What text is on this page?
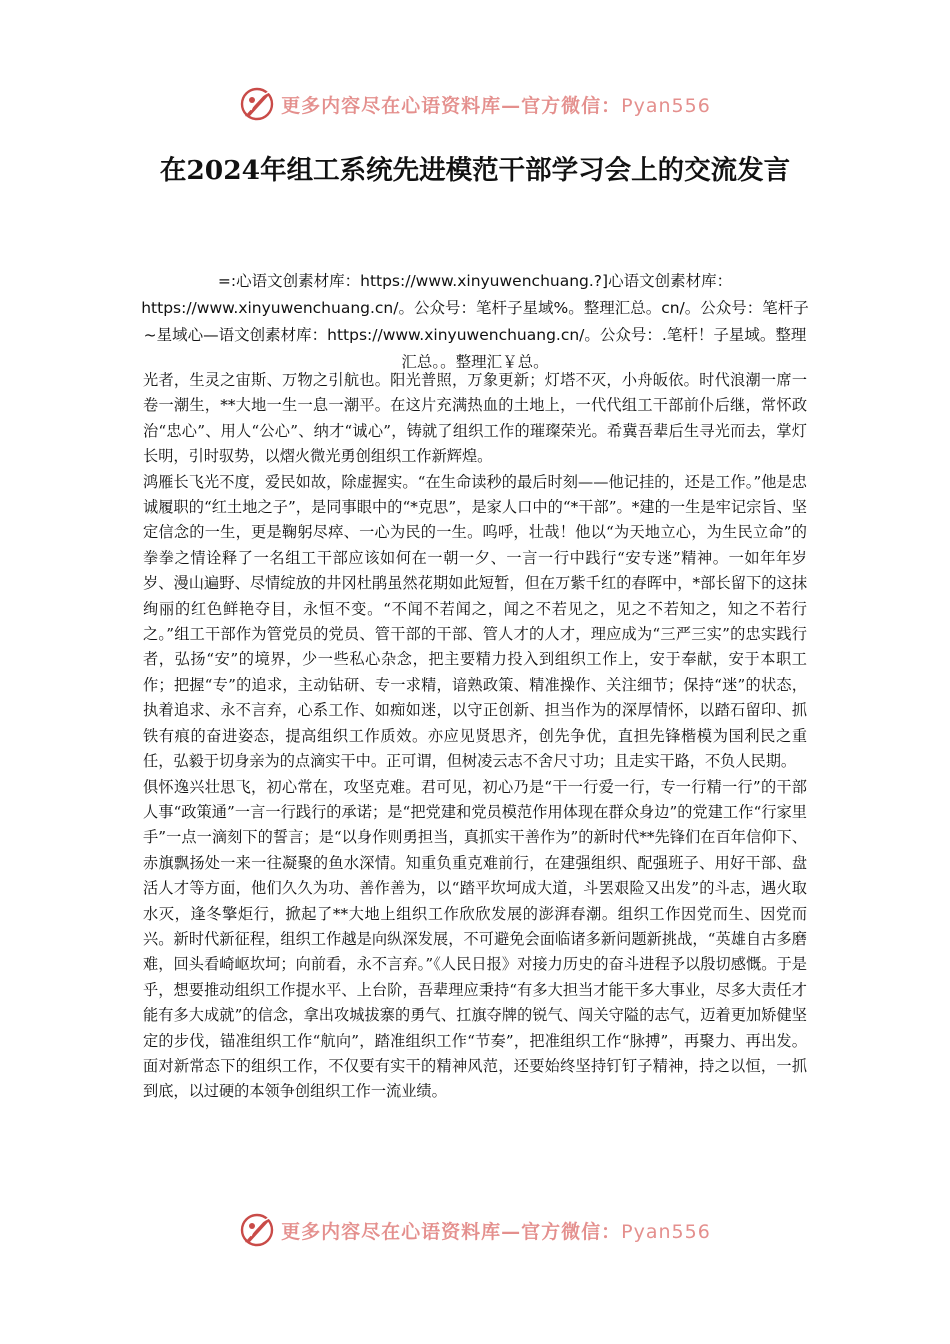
更多内容尽在心语资料库—官方微信：Pyan556
在2024年组工系统先进模范干部学习会上的交流发言

=:心语文创素材库：https://www.xinyuwenchuang.?]心语文创素材库：https://www.xinyuwenchuang.cn/。公众号：笔杆子星域%。整理汇总。cn/。公众号：笔杆子~星域心—语文创素材库：https://www.xinyuwenchuang.cn/。公众号：.笔杆！子星域。整理汇总。。整理汇￥总。

光者，生灵之宙斯、万物之引航也。阳光普照，万象更新；灯塔不灭，小舟皈依。时代浪潮一席一卷一潮生，**大地一生一息一潮平。在这片充满热血的土地上，一代代组工干部前仆后继，常怀政治“忠心”、用人“公心”、纳才“诚心”，铸就了组织工作的璀璨荣光。希冀吾辈后生寻光而去，掌灯长明，引时驭势，以熠火微光勇创组织工作新辉煌。

鸿雁长飞光不度，爱民如故，除虚握实。“在生命读秒的最后时刻——他记挂的，还是工作。”他是忠诚履职的“红土地之子”，是同事眼中的“*克思”，是家人口中的“*干部”。*建的一生是牢记宗旨、坚定信念的一生，更是鞠躬尽瘁、一心为民的一生。呜呼，壮哉！他以“为天地立心，为生民立命”的拳拳之情诠释了一名组工干部应该如何在一朝一夕、一言一行中践行“安专迷”精神。一如年年岁岁、漫山遍野、尽情绽放的井冈杜鹃虽然花期如此短暂，但在万紫千红的春晖中，*部长留下的这抹绚丽的红色鲜艳夺目，永恒不变。“不闻不若闻之，闻之不若见之，见之不若知之，知之不若行之。”组工干部作为管党员的党员、管干部的干部、管人才的人才，理应成为“三严三实”的忠实践行者，弘扬“安”的境界，少一些私心杂念，把主要精力投入到组织工作上，安于奉献，安于本职工作；把握“专”的追求，主动钻研、专一求精，谙熟政策、精准操作、关注细节；保持“迷”的状态，执着追求、永不言弃，心系工作、如痴如迷，以守正创新、担当作为的深厚情怀，以踏石留印、抓铁有痕的奋进姿态，提高组织工作质效。亦应见贤思齐，创先争优，直担先锋楷模为国利民之重任，弘毅于切身亲为的点滴实干中。正可谓，但树凌云志不舍尺寸功；且走实干路，不负人民期。

俱怀逸兴壮思飞，初心常在，攻坚克难。君可见，初心乃是“干一行爱一行，专一行精一行”的干部人事“政策通”一言一行践行的承诺；是“把党建和党员模范作用体现在群众身边”的党建工作“行家里手”一点一滴刻下的誓言；是“以身作则勇担当，真抓实干善作为”的新时代**先锋们在百年信仰下、赤旗飘扬处一来一往凝聚的鱼水深情。知重负重克难前行，在建强组织、配强班子、用好干部、盘活人才等方面，他们久久为功、善作善为，以“踏平坎坷成大道，斗罢艰险又出发”的斗志，遇火取水灭，逢冬擎炬行，掀起了**大地上组织工作欣欣发展的澎湃春潮。组织工作因党而生、因党而兴。新时代新征程，组织工作越是向纵深发展，不可避免会面临诸多新问题新挑战，“英雄自古多磨难，回头看崎岖坎坷；向前看，永不言弃。”《人民日报》对接力历史的奋斗进程予以殷切感慨。于是乎，想要推动组织工作提水平、上台阶，吾辈理应秉持“有多大担当才能干多大事业，尽多大责任才能有多大成就”的信念，拿出攻城拔寨的勇气、扛旗夺牌的锐气、闯关守隘的志气，迈着更加矫健坚定的步伐，锚准组织工作“航向”，踏准组织工作“节奏”，把准组织工作“脉搏”，再聚力、再出发。面对新常态下的组织工作，不仅要有实干的精神风范，还要始终坚持钉钉子精神，持之以恒，一抓到底，以过硬的本领争创组织工作一流业绩。

更多内容尽在心语资料库—官方微信：Pyan556
